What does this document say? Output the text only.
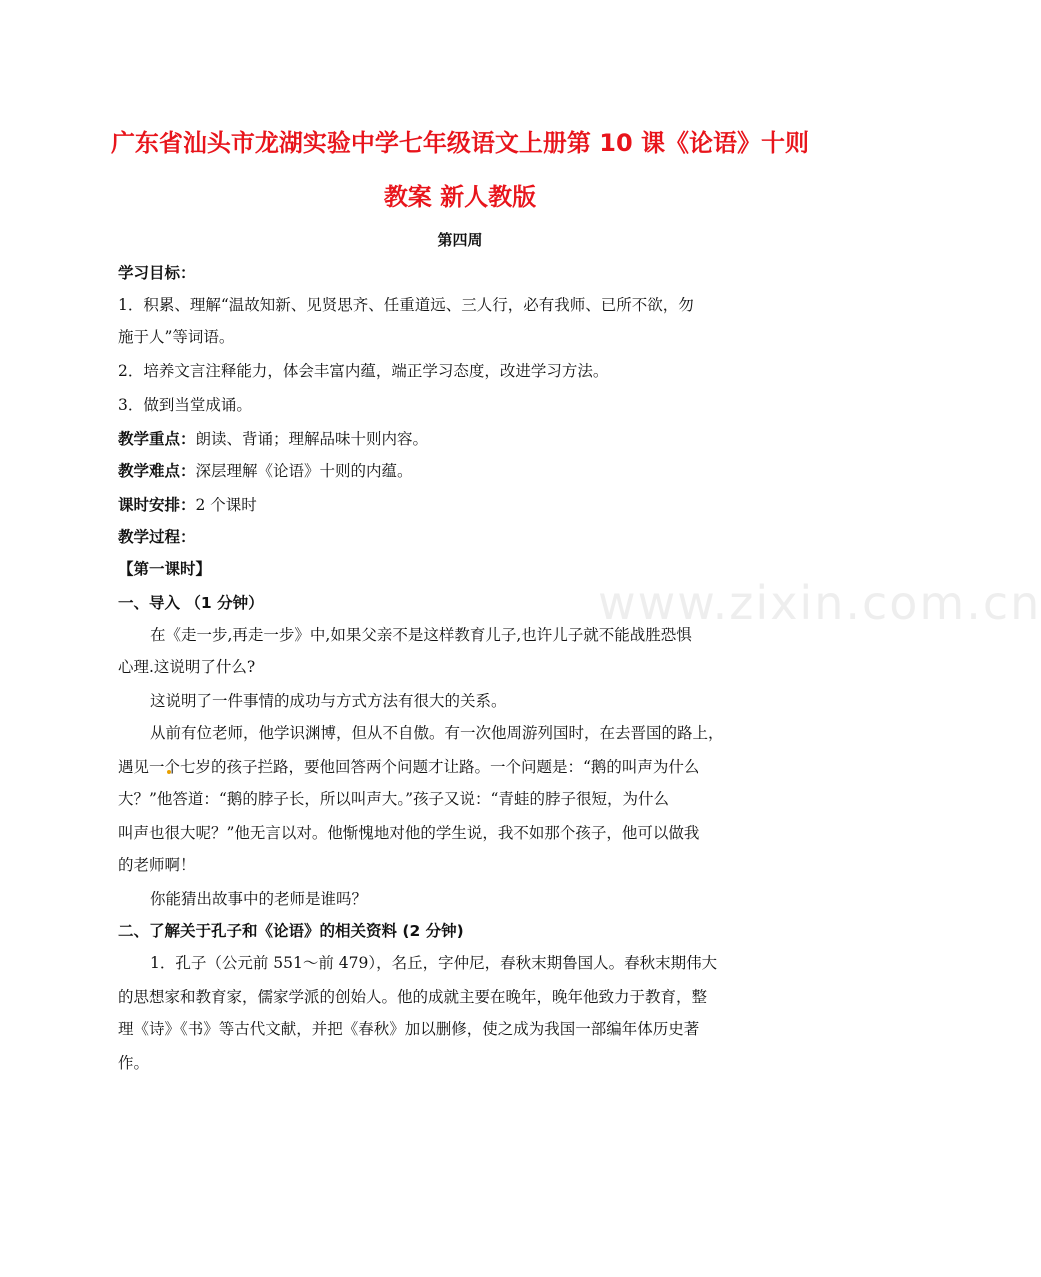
www.zixin.com.cn
广东省汕头市龙湖实验中学七年级语文上册第 10 课《论语》十则
教案 新人教版
第四周
学习目标：
1．积累、理解“温故知新、见贤思齐、任重道远、三人行，必有我师、已所不欲，勿
施于人”等词语。
2．培养文言注释能力，体会丰富内蕴，端正学习态度，改进学习方法。
3．做到当堂成诵。
教学重点：朗读、背诵；理解品味十则内容。
教学难点：深层理解《论语》十则的内蕴。
课时安排：2 个课时
教学过程：
【第一课时】
一、导入 （1 分钟）
在《走一步,再走一步》中,如果父亲不是这样教育儿子,也许儿子就不能战胜恐惧
心理.这说明了什么?
这说明了一件事情的成功与方式方法有很大的关系。
从前有位老师，他学识渊博，但从不自傲。有一次他周游列国时，在去晋国的路上，
遇见一个七岁的孩子拦路，要他回答两个问题才让路。一个问题是：“鹅的叫声为什么
大？”他答道：“鹅的脖子长，所以叫声大。”孩子又说：“青蛙的脖子很短，为什么
叫声也很大呢？”他无言以对。他惭愧地对他的学生说，我不如那个孩子，他可以做我
的老师啊！
你能猜出故事中的老师是谁吗？
二、了解关于孔子和《论语》的相关资料 (2 分钟)
1．孔子（公元前 551～前 479），名丘，字仲尼，春秋末期鲁国人。春秋末期伟大
的思想家和教育家，儒家学派的创始人。他的成就主要在晚年，晚年他致力于教育，整
理《诗》《书》等古代文献，并把《春秋》加以删修，使之成为我国一部编年体历史著
作。
